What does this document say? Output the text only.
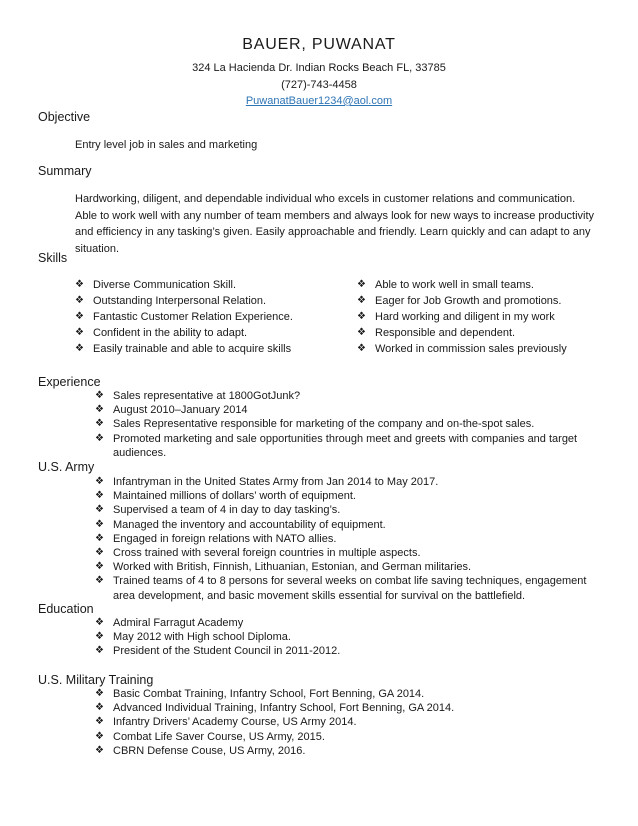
BAUER, PUWANAT
324 La Hacienda Dr. Indian Rocks Beach FL, 33785
(727)-743-4458
PuwanatBauer1234@aol.com
Objective
Entry level job in sales and marketing
Summary
Hardworking, diligent, and dependable individual who excels in customer relations and communication. Able to work well with any number of team members and always look for new ways to increase productivity and efficiency in any tasking’s given. Easily approachable and friendly. Learn quickly and can adapt to any situation.
Skills
❖ Diverse Communication Skill.
❖ Outstanding Interpersonal Relation.
❖ Fantastic Customer Relation Experience.
❖ Confident in the ability to adapt.
❖ Easily trainable and able to acquire skills
❖ Able to work well in small teams.
❖ Eager for Job Growth and promotions.
❖ Hard working and diligent in my work
❖ Responsible and dependent.
❖ Worked in commission sales previously
Experience
❖ Sales representative at 1800GotJunk?
❖ August 2010–January 2014
❖ Sales Representative responsible for marketing of the company and on-the-spot sales.
❖ Promoted marketing and sale opportunities through meet and greets with companies and target audiences.
U.S. Army
❖ Infantryman in the United States Army from Jan 2014 to May 2017.
❖ Maintained millions of dollars’ worth of equipment.
❖ Supervised a team of 4 in day to day tasking’s.
❖ Managed the inventory and accountability of equipment.
❖ Engaged in foreign relations with NATO allies.
❖ Cross trained with several foreign countries in multiple aspects.
❖ Worked with British, Finnish, Lithuanian, Estonian, and German militaries.
❖ Trained teams of 4 to 8 persons for several weeks on combat life saving techniques, engagement area development, and basic movement skills essential for survival on the battlefield.
Education
❖ Admiral Farragut Academy
❖ May 2012 with High school Diploma.
❖ President of the Student Council in 2011-2012.
U.S. Military Training
❖ Basic Combat Training, Infantry School, Fort Benning, GA 2014.
❖ Advanced Individual Training, Infantry School, Fort Benning, GA 2014.
❖ Infantry Drivers’ Academy Course, US Army 2014.
❖ Combat Life Saver Course, US Army, 2015.
❖ CBRN Defense Couse, US Army, 2016.
